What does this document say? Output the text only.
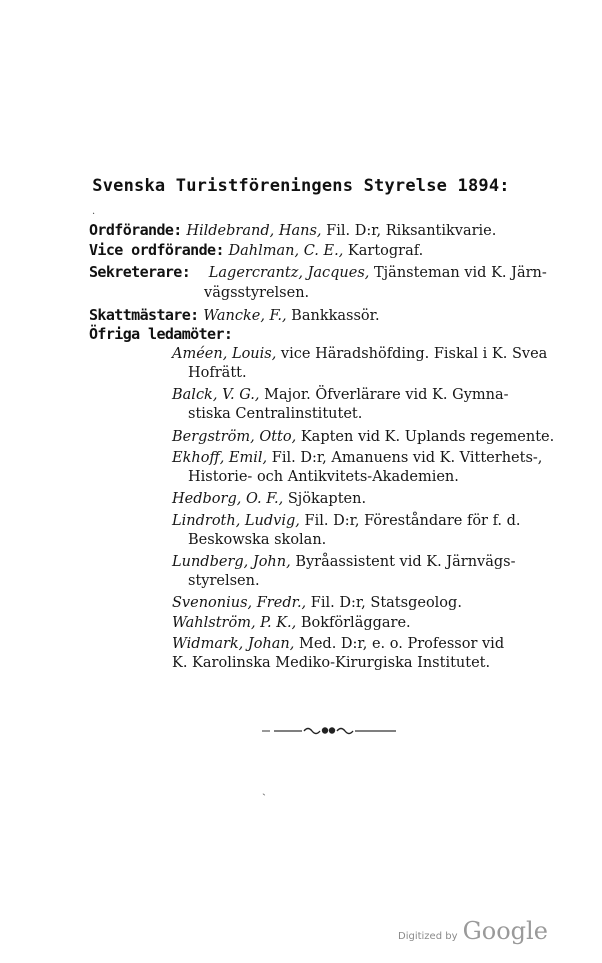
Svenska Turistföreningens Styrelse 1894:
·
Ordförande: Hildebrand, Hans, Fil. D:r, Riksantikvarie.
Vice ordförande: Dahlman, C. E., Kartograf.
Sekreterare: Lagercrantz, Jacques, Tjänsteman vid K. Järn-
vägsstyrelsen.
Skattmästare: Wancke, F., Bankkassör.
Öfriga ledamöter:
Améen, Louis, vice Häradshöfding. Fiskal i K. Svea
Hofrätt.
Balck, V. G., Major. Öfverlärare vid K. Gymna-
stiska Centralinstitutet.
Bergström, Otto, Kapten vid K. Uplands regemente.
Ekhoff, Emil, Fil. D:r, Amanuens vid K. Vitterhets-,
Historie- och Antikvitets-Akademien.
Hedborg, O. F., Sjökapten.
Lindroth, Ludvig, Fil. D:r, Föreståndare för f. d.
Beskowska skolan.
Lundberg, John, Byråassistent vid K. Järnvägs-
styrelsen.
Svenonius, Fredr., Fil. D:r, Statsgeolog.
Wahlström, P. K., Bokförläggare.
Widmark, Johan, Med. D:r, e. o. Professor vid
K. Karolinska Mediko-Kirurgiska Institutet.
ˏ
Digitized by Google
